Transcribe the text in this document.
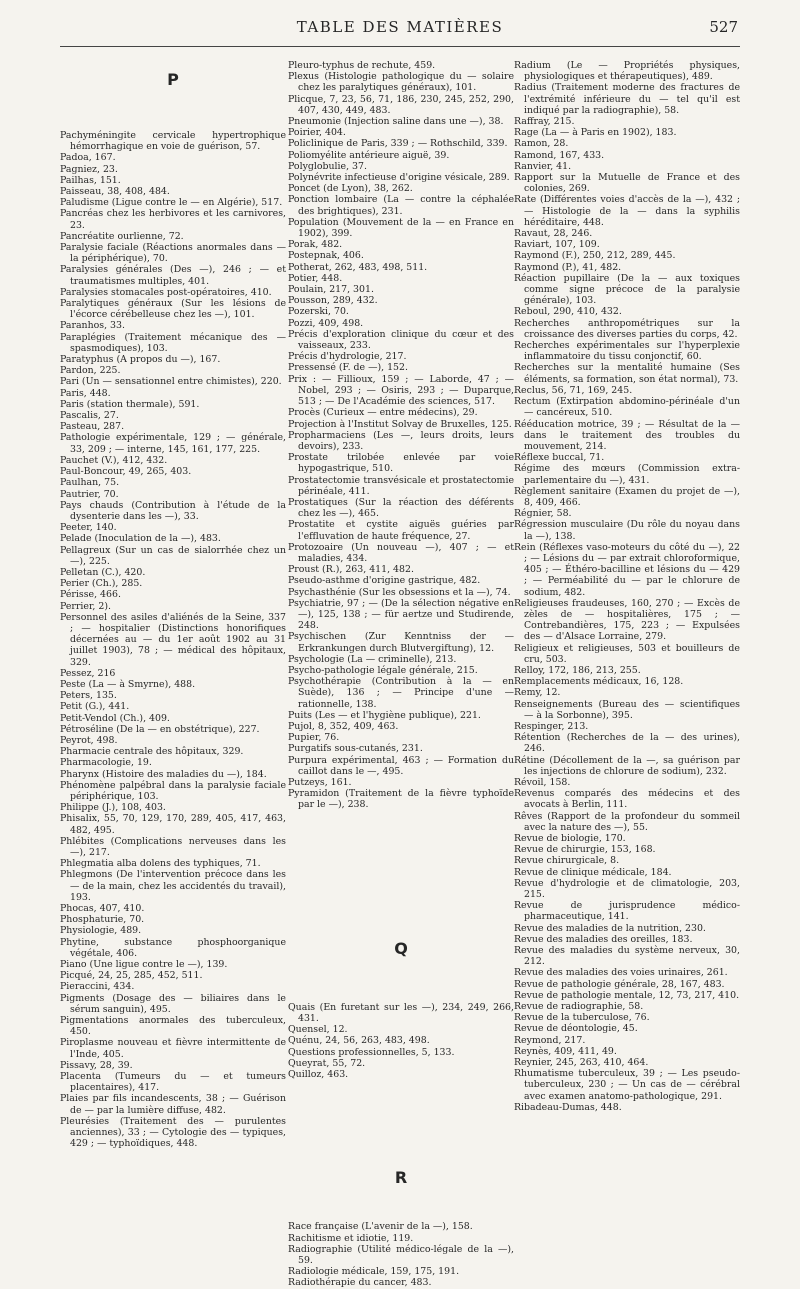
TABLE DES MATIÈRES	527
P

Pachyméningite cervicale hypertrophique hémorrhagique en voie de guérison, 57.

Padoa, 167.

Pagniez, 23.

Pailhas, 151.

Paisseau, 38, 408, 484.

Paludisme (Ligue contre le — en Algérie), 517.

Pancréas chez les herbivores et les carnivores, 23.

Pancréatite ourlienne, 72.

Paralysie faciale (Réactions anormales dans — la périphérique), 70.

Paralysies générales (Des —), 246 ; — et traumatismes multiples, 401.

Paralysies stomacales post-opératoires, 410.

Paralytiques généraux (Sur les lésions de l'écorce cérébelleuse chez les —), 101.

Paranhos, 33.

Paraplégies (Traitement mécanique des — spasmodiques), 103.

Paratyphus (A propos du —), 167.

Pardon, 225.

Pari (Un — sensationnel entre chimistes), 220.

Paris, 448.

Paris (station thermale), 591.

Pascalis, 27.

Pasteau, 287.

Pathologie expérimentale, 129 ; — générale, 33, 209 ; — interne, 145, 161, 177, 225.

Pauchet (V.), 412, 432.

Paul-Boncour, 49, 265, 403.

Paulhan, 75.

Pautrier, 70.

Pays chauds (Contribution à l'étude de la dysenterie dans les —), 33.

Peeter, 140.

Pelade (Inoculation de la —), 483.

Pellagreux (Sur un cas de sialorrhée chez un —), 225.

Pelletan (C.), 420.

Perier (Ch.), 285.

Périsse, 466.

Perrier, 2).

Personnel des asiles d'aliénés de la Seine, 337 ; — hospitalier (Distinctions honorifiques décernées au — du 1er août 1902 au 31 juillet 1903), 78 ; — médical des hôpitaux, 329.

Pessez, 216

Peste (La — à Smyrne), 488.

Peters, 135.

Petit (G.), 441.

Petit-Vendol (Ch.), 409.

Pétroséline (De la — en obstétrique), 227.

Peyrot, 498.

Pharmacie centrale des hôpitaux, 329.

Pharmacologie, 19.

Pharynx (Histoire des maladies du —), 184.

Phénomène palpébral dans la paralysie faciale périphérique, 103.

Philippe (J.), 108, 403.

Phisalix, 55, 70, 129, 170, 289, 405, 417, 463, 482, 495.

Phlébites (Complications nerveuses dans les —), 217.

Phlegmatia alba dolens des typhiques, 71.

Phlegmons (De l'intervention précoce dans les — de la main, chez les accidentés du travail), 193.

Phocas, 407, 410.

Phosphaturie, 70.

Physiologie, 489.

Phytine, substance phosphoorganique végétale, 406.

Piano (Une ligue contre le —), 139.

Picqué, 24, 25, 285, 452, 511.

Pieraccini, 434.

Pigments (Dosage des — biliaires dans le sérum sanguin), 495.

Pigmentations anormales des tuberculeux, 450.

Piroplasme nouveau et fièvre intermittente de l'Inde, 405.

Pissavy, 28, 39.

Placenta (Tumeurs du — et tumeurs placentaires), 417.

Plaies par fils incandescents, 38 ; — Guérison de — par la lumière diffuse, 482.

Pleurésies (Traitement des — purulentes anciennes), 33 ; — Cytologie des — typiques, 429 ; — typhoïdiques, 448.

Pleuro-typhus de rechute, 459.

Plexus (Histologie pathologique du — solaire chez les paralytiques généraux), 101.

Plicque, 7, 23, 56, 71, 186, 230, 245, 252, 290, 407, 430, 449, 483.

Pneumonie (Injection saline dans une —), 38.

Poirier, 404.

Policlinique de Paris, 339 ; — Rothschild, 339.

Poliomyélite antérieure aiguë, 39.

Polyglobulie, 37.

Polynévrite infectieuse d'origine vésicale, 289.

Poncet (de Lyon), 38, 262.

Ponction lombaire (La — contre la céphalée des brightiques), 231.

Population (Mouvement de la — en France en 1902), 399.

Porak, 482.

Postepnak, 406.

Potherat, 262, 483, 498, 511.

Potier, 448.

Poulain, 217, 301.

Pousson, 289, 432.

Pozerski, 70.

Pozzi, 409, 498.

Précis d'exploration clinique du cœur et des vaisseaux, 233.

Précis d'hydrologie, 217.

Pressensé (F. de —), 152.

Prix : — Fillioux, 159 ; — Laborde, 47 ; — Nobel, 293 ; — Osiris, 293 ; — Duparque, 513 ; — De l'Académie des sciences, 517.

Procès (Curieux — entre médecins), 29.

Projection à l'Institut Solvay de Bruxelles, 125.

Propharmaciens (Les —, leurs droits, leurs devoirs), 233.

Prostate trilobée enlevée par voie hypogastrique, 510.

Prostatectomie transvésicale et prostatectomie périnéale, 411.

Prostatiques (Sur la réaction des déférents chez les —), 465.

Prostatite et cystite aiguës guéries par l'effluvation de haute fréquence, 27.

Protozoaire (Un nouveau —), 407 ; — et maladies, 434.

Proust (R.), 263, 411, 482.

Pseudo-asthme d'origine gastrique, 482.

Psychasthénie (Sur les obsessions et la —), 74.

Psychiatrie, 97 ; — (De la sélection négative en —), 125, 138 ; — für aertze und Studirende, 248.

Psychischen (Zur Kenntniss der — Erkrankungen durch Blutvergiftung), 12.

Psychologie (La — criminelle), 213.

Psycho-pathologie légale générale, 215.

Psychothérapie (Contribution à la — en Suède), 136 ; — Principe d'une — rationnelle, 138.

Puits (Les — et l'hygiène publique), 221.

Pujol, 8, 352, 409, 463.

Pupier, 76.

Purgatifs sous-cutanés, 231.

Purpura expérimental, 463 ; — Formation du caillot dans le —, 495.

Putzeys, 161.

Pyramidon (Traitement de la fièvre typhoïde par le —), 238.

Q

Quais (En furetant sur les —), 234, 249, 266, 431.

Quensel, 12.

Quénu, 24, 56, 263, 483, 498.

Questions professionnelles, 5, 133.

Queyrat, 55, 72.

Quilloz, 463.

R

Race française (L'avenir de la —), 158.

Rachitisme et idiotie, 119.

Radiographie (Utilité médico-légale de la —), 59.

Radiologie médicale, 159, 175, 191.

Radiothérapie du cancer, 483.

Radium (Le — Propriétés physiques, physiologiques et thérapeutiques), 489.

Radius (Traitement moderne des fractures de l'extrémité inférieure du — tel qu'il est indiqué par la radiographie), 58.

Raffray, 215.

Rage (La — à Paris en 1902), 183.

Ramon, 28.

Ramond, 167, 433.

Ranvier, 41.

Rapport sur la Mutuelle de France et des colonies, 269.

Rate (Différentes voies d'accès de la —), 432 ; — Histologie de la — dans la syphilis héréditaire, 448.

Ravaut, 28, 246.

Raviart, 107, 109.

Raymond (F.), 250, 212, 289, 445.

Raymond (P.), 41, 482.

Réaction pupillaire (De la — aux toxiques comme signe précoce de la paralysie générale), 103.

Reboul, 290, 410, 432.

Recherches anthropométriques sur la croissance des diverses parties du corps, 42.

Recherches expérimentales sur l'hyperplexie inflammatoire du tissu conjonctif, 60.

Recherches sur la mentalité humaine (Ses éléments, sa formation, son état normal), 73.

Reclus, 56, 71, 169, 245.

Rectum (Extirpation abdomino-périnéale d'un — cancéreux, 510.

Rééducation motrice, 39 ; — Résultat de la — dans le traitement des troubles du mouvement, 214.

Réflexe buccal, 71.

Régime des mœurs (Commission extra-parlementaire du —), 431.

Règlement sanitaire (Examen du projet de —), 8, 409, 466.

Régnier, 58.

Régression musculaire (Du rôle du noyau dans la —), 138.

Rein (Réflexes vaso-moteurs du côté du —), 22 ; — Lésions du — par extrait chloroformique, 405 ; — Éthéro-bacilline et lésions du — 429 ; — Perméabilité du — par le chlorure de sodium, 482.

Religieuses fraudeuses, 160, 270 ; — Excès de zèles de — hospitalières, 175 ; — Contrebandières, 175, 223 ; — Expulsées des — d'Alsace Lorraine, 279.

Religieux et religieuses, 503 et bouilleurs de cru, 503.

Relloy, 172, 186, 213, 255.

Remplacements médicaux, 16, 128.

Remy, 12.

Renseignements (Bureau des — scientifiques — à la Sorbonne), 395.

Respinger, 213.

Rétention (Recherches de la — des urines), 246.

Rétine (Décollement de la —, sa guérison par les injections de chlorure de sodium), 232.

Révoil, 158.

Revenus comparés des médecins et des avocats à Berlin, 111.

Rêves (Rapport de la profondeur du sommeil avec la nature des —), 55.

Revue de biologie, 170.

Revue de chirurgie, 153, 168.

Revue chirurgicale, 8.

Revue de clinique médicale, 184.

Revue d'hydrologie et de climatologie, 203, 215.

Revue de jurisprudence médico-pharmaceutique, 141.

Revue des maladies de la nutrition, 230.

Revue des maladies des oreilles, 183.

Revue des maladies du système nerveux, 30, 212.

Revue des maladies des voies urinaires, 261.

Revue de pathologie générale, 28, 167, 483.

Revue de pathologie mentale, 12, 73, 217, 410.

Revue de radiographie, 58.

Revue de la tuberculose, 76.

Revue de déontologie, 45.

Reymond, 217.

Reynès, 409, 411, 49.

Reynier, 245, 263, 410, 464.

Rhumatisme tuberculeux, 39 ; — Les pseudo-tuberculeux, 230 ; — Un cas de — cérébral avec examen anatomo-pathologique, 291.

Ribadeau-Dumas, 448.
